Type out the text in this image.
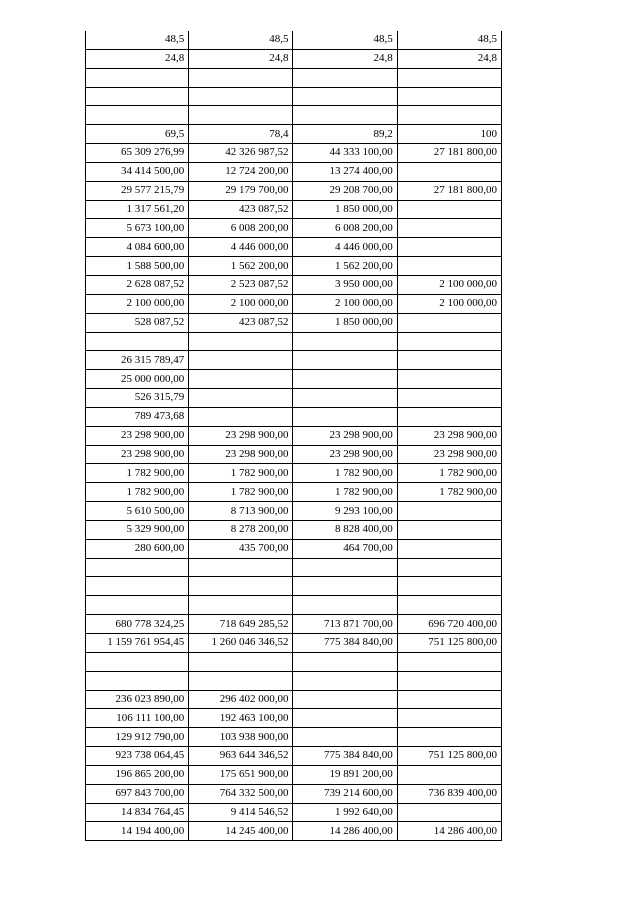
48,5	48,5	48,5	48,5
24,8	24,8	24,8	24,8

69,5	78,4	89,2	100
65 309 276,99	42 326 987,52	44 333 100,00	27 181 800,00
34 414 500,00	12 724 200,00	13 274 400,00	
29 577 215,79	29 179 700,00	29 208 700,00	27 181 800,00
1 317 561,20	423 087,52	1 850 000,00	
5 673 100,00	6 008 200,00	6 008 200,00	
4 084 600,00	4 446 000,00	4 446 000,00	
1 588 500,00	1 562 200,00	1 562 200,00	
2 628 087,52	2 523 087,52	3 950 000,00	2 100 000,00
2 100 000,00	2 100 000,00	2 100 000,00	2 100 000,00
528 087,52	423 087,52	1 850 000,00	

26 315 789,47			
25 000 000,00			
526 315,79			
789 473,68			
23 298 900,00	23 298 900,00	23 298 900,00	23 298 900,00
23 298 900,00	23 298 900,00	23 298 900,00	23 298 900,00
1 782 900,00	1 782 900,00	1 782 900,00	1 782 900,00
1 782 900,00	1 782 900,00	1 782 900,00	1 782 900,00
5 610 500,00	8 713 900,00	9 293 100,00	
5 329 900,00	8 278 200,00	8 828 400,00	
280 600,00	435 700,00	464 700,00	

680 778 324,25	718 649 285,52	713 871 700,00	696 720 400,00
1 159 761 954,45	1 260 046 346,52	775 384 840,00	751 125 800,00

236 023 890,00	296 402 000,00		
106 111 100,00	192 463 100,00		
129 912 790,00	103 938 900,00		
923 738 064,45	963 644 346,52	775 384 840,00	751 125 800,00
196 865 200,00	175 651 900,00	19 891 200,00	
697 843 700,00	764 332 500,00	739 214 600,00	736 839 400,00
14 834 764,45	9 414 546,52	1 992 640,00	
14 194 400,00	14 245 400,00	14 286 400,00	14 286 400,00
